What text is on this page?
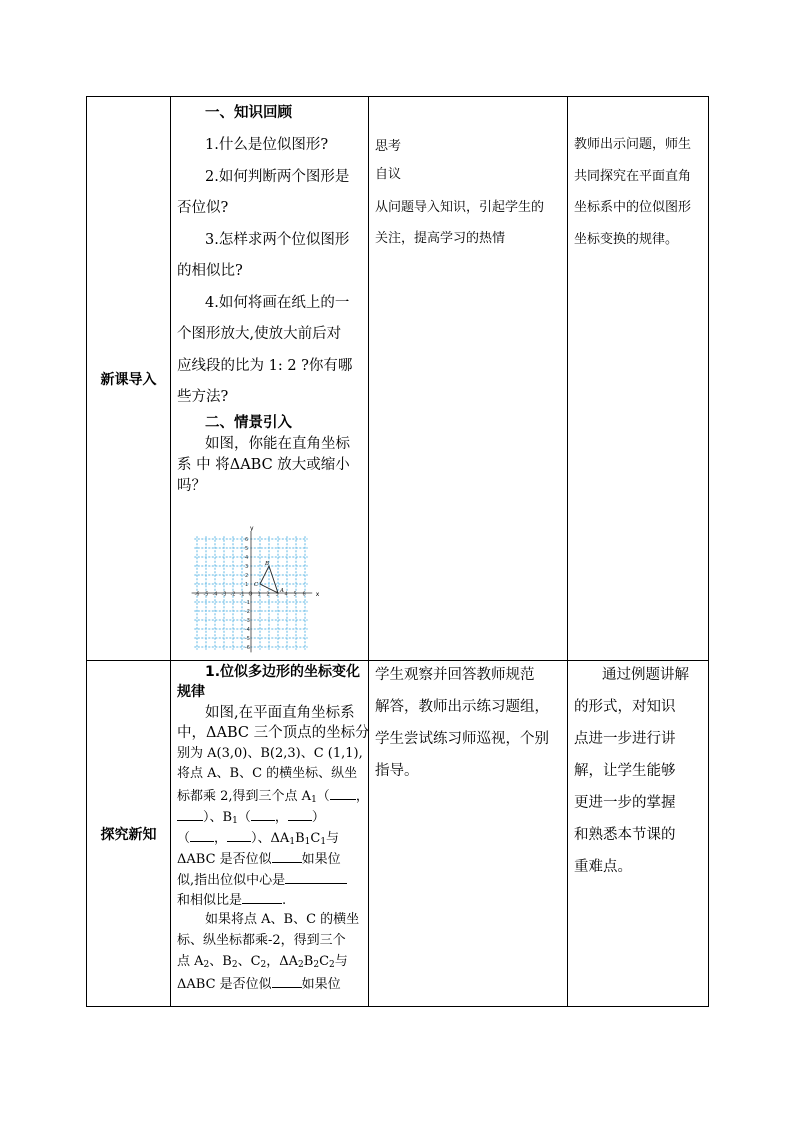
新课导入
一、知识回顾
1.什么是位似图形?
2.如何判断两个图形是
否位似?
3.怎样求两个位似图形
的相似比?
4.如何将画在纸上的一
个图形放大,使放大前后对
应线段的比为 1: 2 ?你有哪
些方法?
二、情景引入
如图，你能在直角坐标
系 中 将ΔABC 放大或缩小
吗？
x
y
-6 -5 -4 -3 -2 -1 O 1 2 3 4 5 6
6
5
4
3
2
1
-1
-2
-3
-4
-5
-6
A
B
C
思考
自议
从问题导入知识，引起学生的
关注，提高学习的热情
教师出示问题，师生
共同探究在平面直角
坐标系中的位似图形
坐标变换的规律。
探究新知
1.位似多边形的坐标变化
规律
如图,在平面直角坐标系
中，ΔABC 三个顶点的坐标分
别为 A(3,0)、B(2,3)、C (1,1),
将点 A、B、C 的横坐标、纵坐
标都乘 2,得到三个点 $A_1$（ ，
）、$B_1$（ ， ）
（ ， ）、$\Delta A_1B_1C_1$与
ΔABC 是否位似 如果位
似,指出位似中心是
和相似比是	.
如果将点 A、B、C 的横坐
标、纵坐标都乘-2，得到三个
点 $A_2$、$B_2$、$C_2$，$\Delta A_2B_2C_2$与
ΔABC 是否位似 如果位
学生观察并回答教师规范
解答，教师出示练习题组，
学生尝试练习师巡视，个别
指导。
通过例题讲解
的形式，对知识
点进一步进行讲
解，让学生能够
更进一步的掌握
和熟悉本节课的
重难点。
